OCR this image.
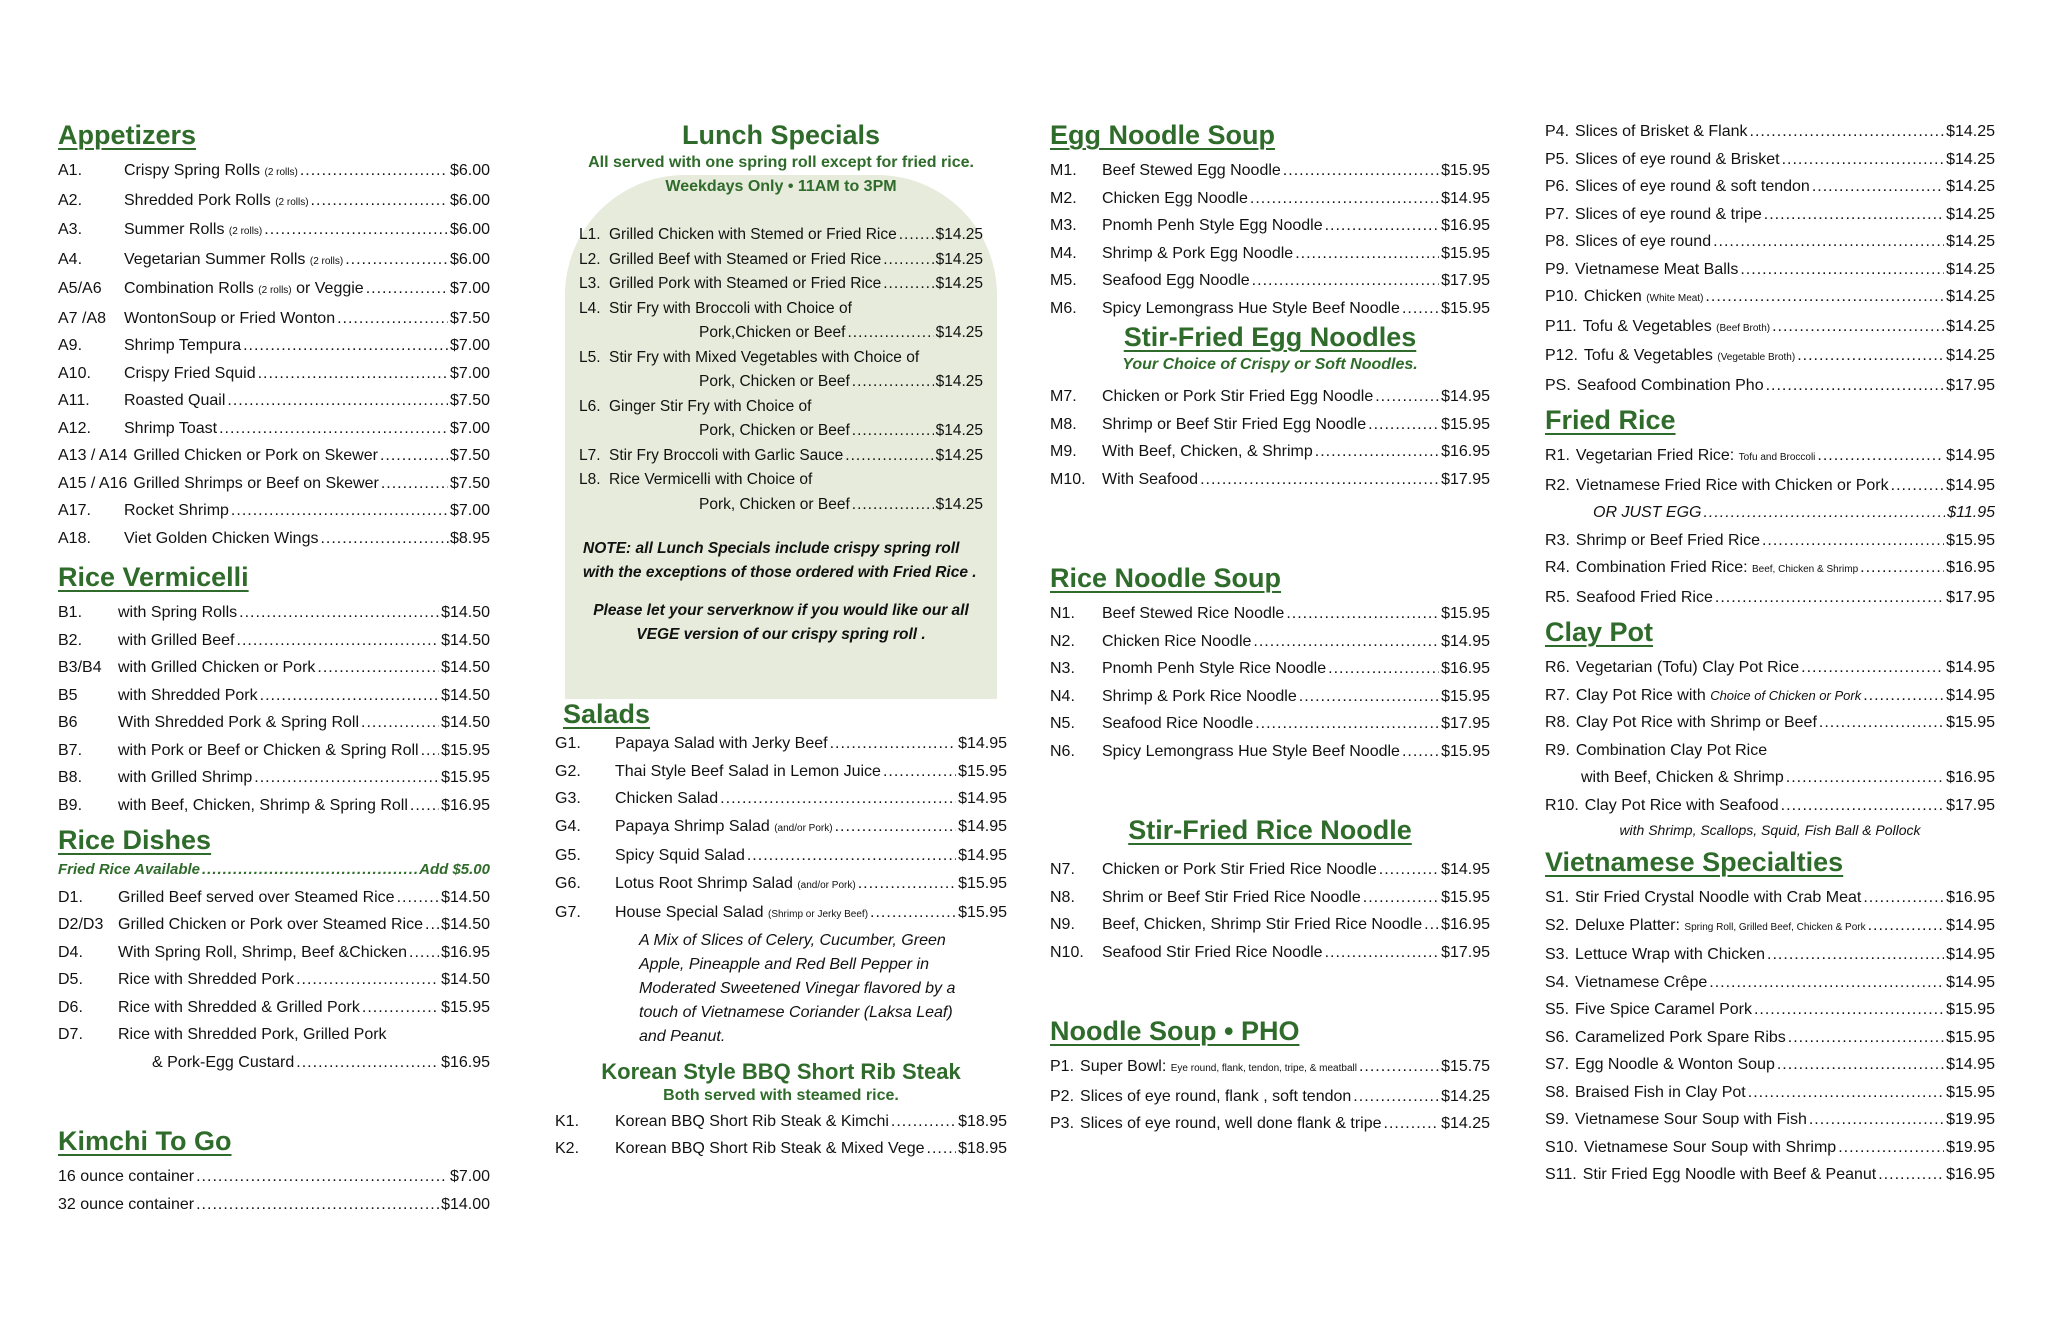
Appetizers
A1.	Crispy Spring Rolls (2 rolls) .....	$6.00
A2.	Shredded Pork Rolls (2 rolls) .....	$6.00
A3.	Summer Rolls (2 rolls) .....	$6.00
A4.	Vegetarian Summer Rolls (2 rolls) .....	$6.00
A5/A6	Combination Rolls (2 rolls) or Veggie .....	$7.00
A7 /A8	WontonSoup or Fried Wonton .....	$7.50
A9.	Shrimp Tempura .....	$7.00
A10.	Crispy Fried Squid .....	$7.00
A11.	Roasted Quail .....	$7.50
A12.	Shrimp Toast .....	$7.00
A13 / A14 Grilled Chicken or Pork on Skewer .....	$7.50
A15 / A16 Grilled Shrimps or Beef on Skewer .....	$7.50
A17.	Rocket Shrimp .....	$7.00
A18.	Viet Golden Chicken Wings .....	.$8.95
Rice Vermicelli
B1.	with Spring Rolls .....	$14.50
B2.	with Grilled Beef .....	$14.50
B3/B4	with Grilled Chicken or Pork .....	$14.50
B5	with Shredded Pork .....	$14.50
B6	With Shredded Pork & Spring Roll .....	$14.50
B7.	with Pork or Beef or Chicken & Spring Roll ..... $15.95
B8.	with Grilled Shrimp .....	$15.95
B9.	with Beef, Chicken, Shrimp & Spring Roll ..... $16.95
Rice Dishes
Fried Rice Available .....	Add $5.00
D1.	Grilled Beef served over Steamed Rice .....	$14.50
D2/D3 Grilled Chicken or Pork over Steamed Rice ..... $14.50
D4.	With Spring Roll, Shrimp, Beef &Chicken ..... $16.95
D5.	Rice with Shredded Pork .....	$14.50
D6.	Rice with Shredded & Grilled Pork .....	$15.95
D7.	Rice with Shredded Pork, Grilled Pork
& Pork-Egg Custard .....	$16.95
Kimchi To Go
16 ounce container .....	$7.00
32 ounce container .....	$14.00
Lunch Specials
All served with one spring roll except for fried rice.
Weekdays Only • 11AM to 3PM
L1. Grilled Chicken with Stemed or Fried Rice .....	$14.25
L2. Grilled Beef with Steamed or Fried Rice .....	$14.25
L3. Grilled Pork with Steamed or Fried Rice .....	$14.25
L4. Stir Fry with Broccoli with Choice of
Pork,Chicken or Beef .....	$14.25
L5. Stir Fry with Mixed Vegetables with Choice of
Pork, Chicken or Beef .....	$14.25
L6. Ginger Stir Fry with Choice of
Pork, Chicken or Beef .....	$14.25
L7. Stir Fry Broccoli with Garlic Sauce .....	$14.25
L8. Rice Vermicelli with Choice of
Pork, Chicken or Beef .....	$14.25
NOTE: all Lunch Specials include crispy spring roll with the exceptions of those ordered with Fried Rice .
Please let your serverknow if you would like our all VEGE version of our crispy spring roll .
Salads
G1.	Papaya Salad with Jerky Beef .....	$14.95
G2.	Thai Style Beef Salad in Lemon Juice .....	$15.95
G3.	Chicken Salad .....	$14.95
G4.	Papaya Shrimp Salad (and/or Pork) .....	$14.95
G5.	Spicy Squid Salad .....	$14.95
G6.	Lotus Root Shrimp Salad (and/or Pork) .....	$15.95
G7.	House Special Salad (Shrimp or Jerky Beef) .....	$15.95
A Mix of Slices of Celery, Cucumber, Green Apple, Pineapple and Red Bell Pepper in Moderated Sweetened Vinegar flavored by a touch of Vietnamese Coriander (Laksa Leaf) and Peanut.
Korean Style BBQ Short Rib Steak
Both served with steamed rice.
K1.	Korean BBQ Short Rib Steak & Kimchi .....	$18.95
K2.	Korean BBQ Short Rib Steak & Mixed Vege ..... $18.95
Egg Noodle Soup
M1.	Beef Stewed Egg Noodle .....	$15.95
M2.	Chicken Egg Noodle .....	$14.95
M3.	Pnomh Penh Style Egg Noodle .....	$16.95
M4.	Shrimp & Pork Egg Noodle .....	$15.95
M5.	Seafood Egg Noodle .....	$17.95
M6.	Spicy Lemongrass Hue Style Beef Noodle .....	$15.95
Stir-Fried Egg Noodles
Your Choice of Crispy or Soft Noodles.
M7.	Chicken or Pork Stir Fried Egg Noodle .....	$14.95
M8.	Shrimp or Beef Stir Fried Egg Noodle .....	$15.95
M9.	With Beef, Chicken, & Shrimp .....	$16.95
M10.	With Seafood .....	$17.95
Rice Noodle Soup
N1.	Beef Stewed Rice Noodle .....	$15.95
N2.	Chicken Rice Noodle .....	$14.95
N3.	Pnomh Penh Style Rice Noodle .....	$16.95
N4.	Shrimp & Pork Rice Noodle .....	$15.95
N5.	Seafood Rice Noodle .....	$17.95
N6.	Spicy Lemongrass Hue Style Beef Noodle .....	$15.95
Stir-Fried Rice Noodle
N7.	Chicken or Pork Stir Fried Rice Noodle .....	$14.95
N8.	Shrim or Beef Stir Fried Rice Noodle .....	$15.95
N9.	Beef, Chicken, Shrimp Stir Fried Rice Noodle ..... $16.95
N10.	Seafood Stir Fried Rice Noodle .....	$17.95
Noodle Soup • PHO
P1. Super Bowl: Eye round, flank, tendon, tripe, & meatball .....	$15.75
P2. Slices of eye round, flank , soft tendon .....	$14.25
P3. Slices of eye round, well done flank & tripe .....	$14.25
P4. Slices of Brisket & Flank .....	$14.25
P5. Slices of eye round & Brisket .....	$14.25
P6. Slices of eye round & soft tendon .....	$14.25
P7. Slices of eye round & tripe .....	$14.25
P8. Slices of eye round .....	$14.25
P9. Vietnamese Meat Balls .....	$14.25
P10. Chicken (White Meat) .....	$14.25
P11. Tofu & Vegetables (Beef Broth) .....	$14.25
P12. Tofu & Vegetables (Vegetable Broth) .....	$14.25
PS. Seafood Combination Pho .....	$17.95
Fried Rice
R1. Vegetarian Fried Rice: Tofu and Broccoli .....	$14.95
R2. Vietnamese Fried Rice with Chicken or Pork .....	$14.95
OR JUST EGG .....	$11.95
R3. Shrimp or Beef Fried Rice .....	$15.95
R4. Combination Fried Rice: Beef, Chicken & Shrimp .....	$16.95
R5. Seafood Fried Rice .....	$17.95
Clay Pot
R6. Vegetarian (Tofu) Clay Pot Rice .....	$14.95
R7. Clay Pot Rice with Choice of Chicken or Pork .....	$14.95
R8. Clay Pot Rice with Shrimp or Beef .....	$15.95
R9. Combination Clay Pot Rice
with Beef, Chicken & Shrimp .....	$16.95
R10. Clay Pot Rice with Seafood .....	$17.95
with Shrimp, Scallops, Squid, Fish Ball & Pollock
Vietnamese Specialties
S1. Stir Fried Crystal Noodle with Crab Meat .....	$16.95
S2. Deluxe Platter: Spring Roll, Grilled Beef, Chicken & Pork .....	$14.95
S3. Lettuce Wrap with Chicken .....	$14.95
S4. Vietnamese Crêpe .....	$14.95
S5. Five Spice Caramel Pork .....	$15.95
S6. Caramelized Pork Spare Ribs .....	$15.95
S7. Egg Noodle & Wonton Soup .....	$14.95
S8. Braised Fish in Clay Pot .....	$15.95
S9. Vietnamese Sour Soup with Fish .....	$19.95
S10. Vietnamese Sour Soup with Shrimp .....	$19.95
S11. Stir Fried Egg Noodle with Beef & Peanut .....	$16.95
